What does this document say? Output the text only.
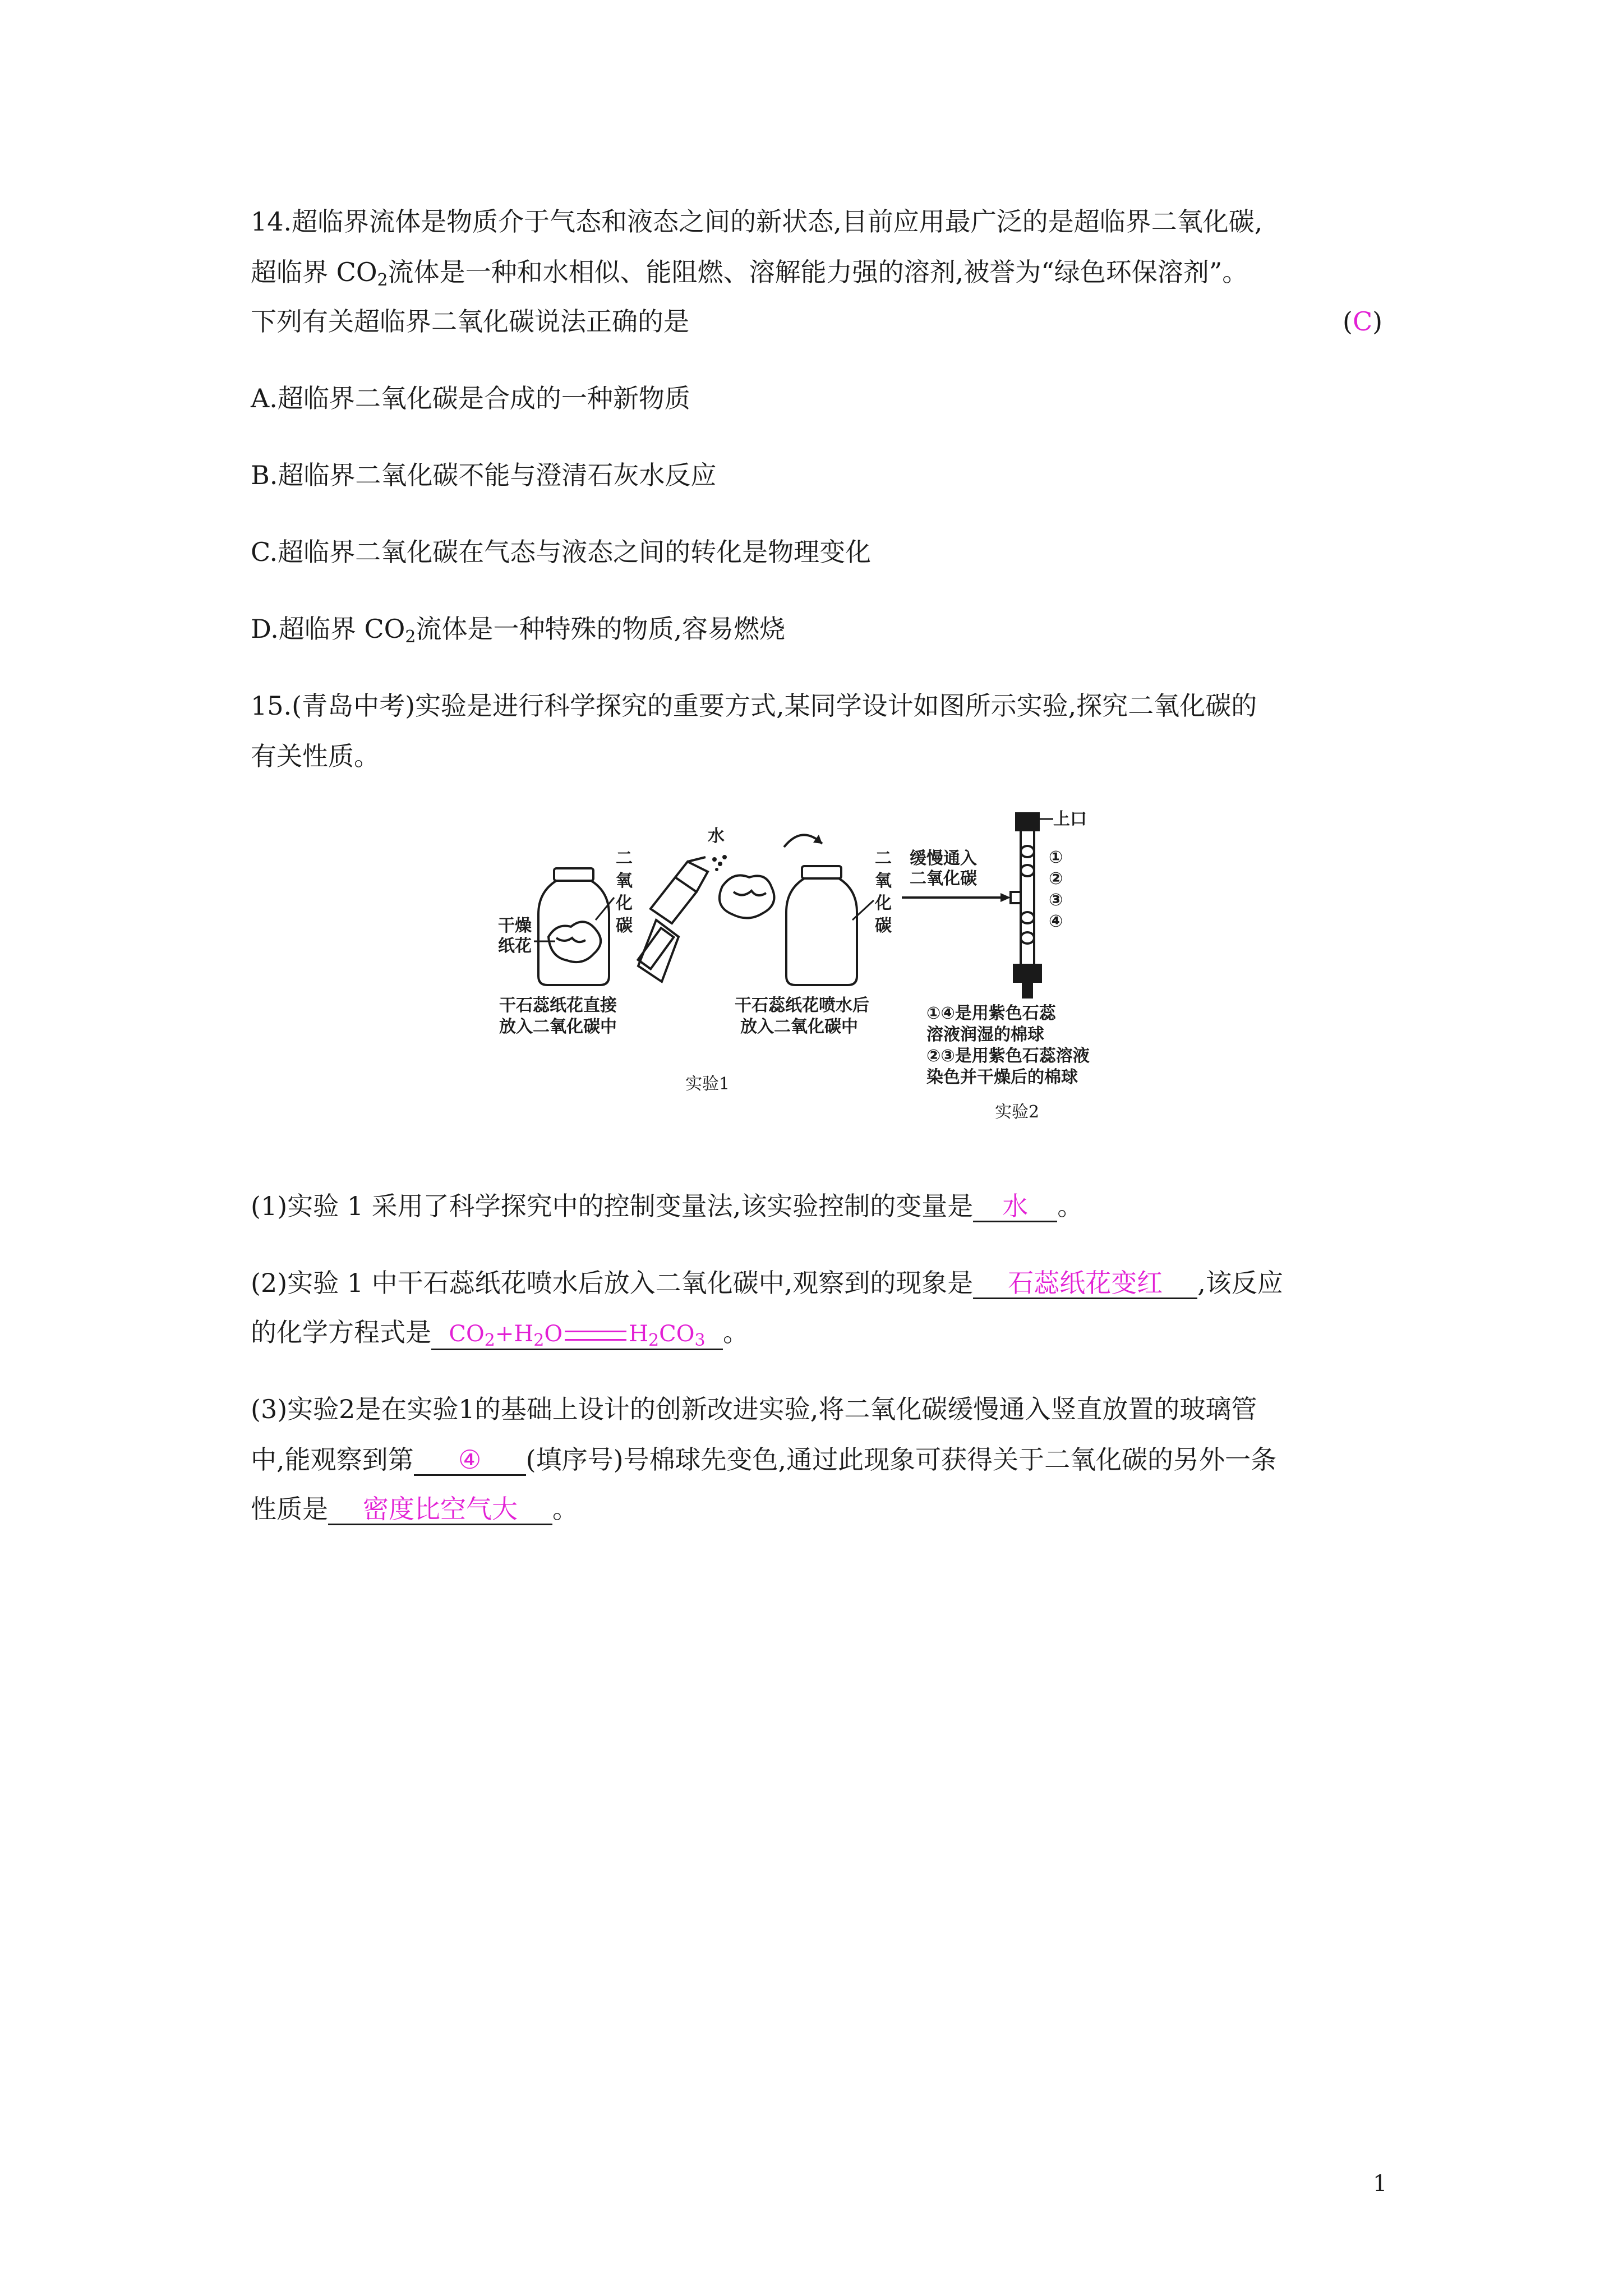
14.超临界流体是物质介于气态和液态之间的新状态,目前应用最广泛的是超临界二氧化碳,
超临界 $CO_2$流体是一种和水相似、能阻燃、溶解能力强的溶剂,被誉为“绿色环保溶剂”。
下列有关超临界二氧化碳说法正确的是	(C)
A.超临界二氧化碳是合成的一种新物质
B.超临界二氧化碳不能与澄清石灰水反应
C.超临界二氧化碳在气态与液态之间的转化是物理变化
D.超临界 $CO_2$流体是一种特殊的物质,容易燃烧
15.(青岛中考)实验是进行科学探究的重要方式,某同学设计如图所示实验,探究二氧化碳的
有关性质。
干燥
纸花
二
氧
化
碳
干石蕊纸花直接
放入二氧化碳中
水
二
氧
化
碳
干石蕊纸花喷水后
放入二氧化碳中
缓慢通入
二氧化碳
上口
①
②
③
④
①④是用紫色石蕊
溶液润湿的棉球
②③是用紫色石蕊溶液
染色并干燥后的棉球
实验1
实验2
(1)实验 1 采用了科学探究中的控制变量法,该实验控制的变量是 水 。
(2)实验 1 中干石蕊纸花喷水后放入二氧化碳中,观察到的现象是 石蕊纸花变红 ,该反应
的化学方程式是 $CO_2+H_2O$	$H_2CO_3$ 。
(3)实验2是在实验1的基础上设计的创新改进实验,将二氧化碳缓慢通入竖直放置的玻璃管
中,能观察到第 ④ (填序号)号棉球先变色,通过此现象可获得关于二氧化碳的另外一条
性质是 密度比空气大 。
1
